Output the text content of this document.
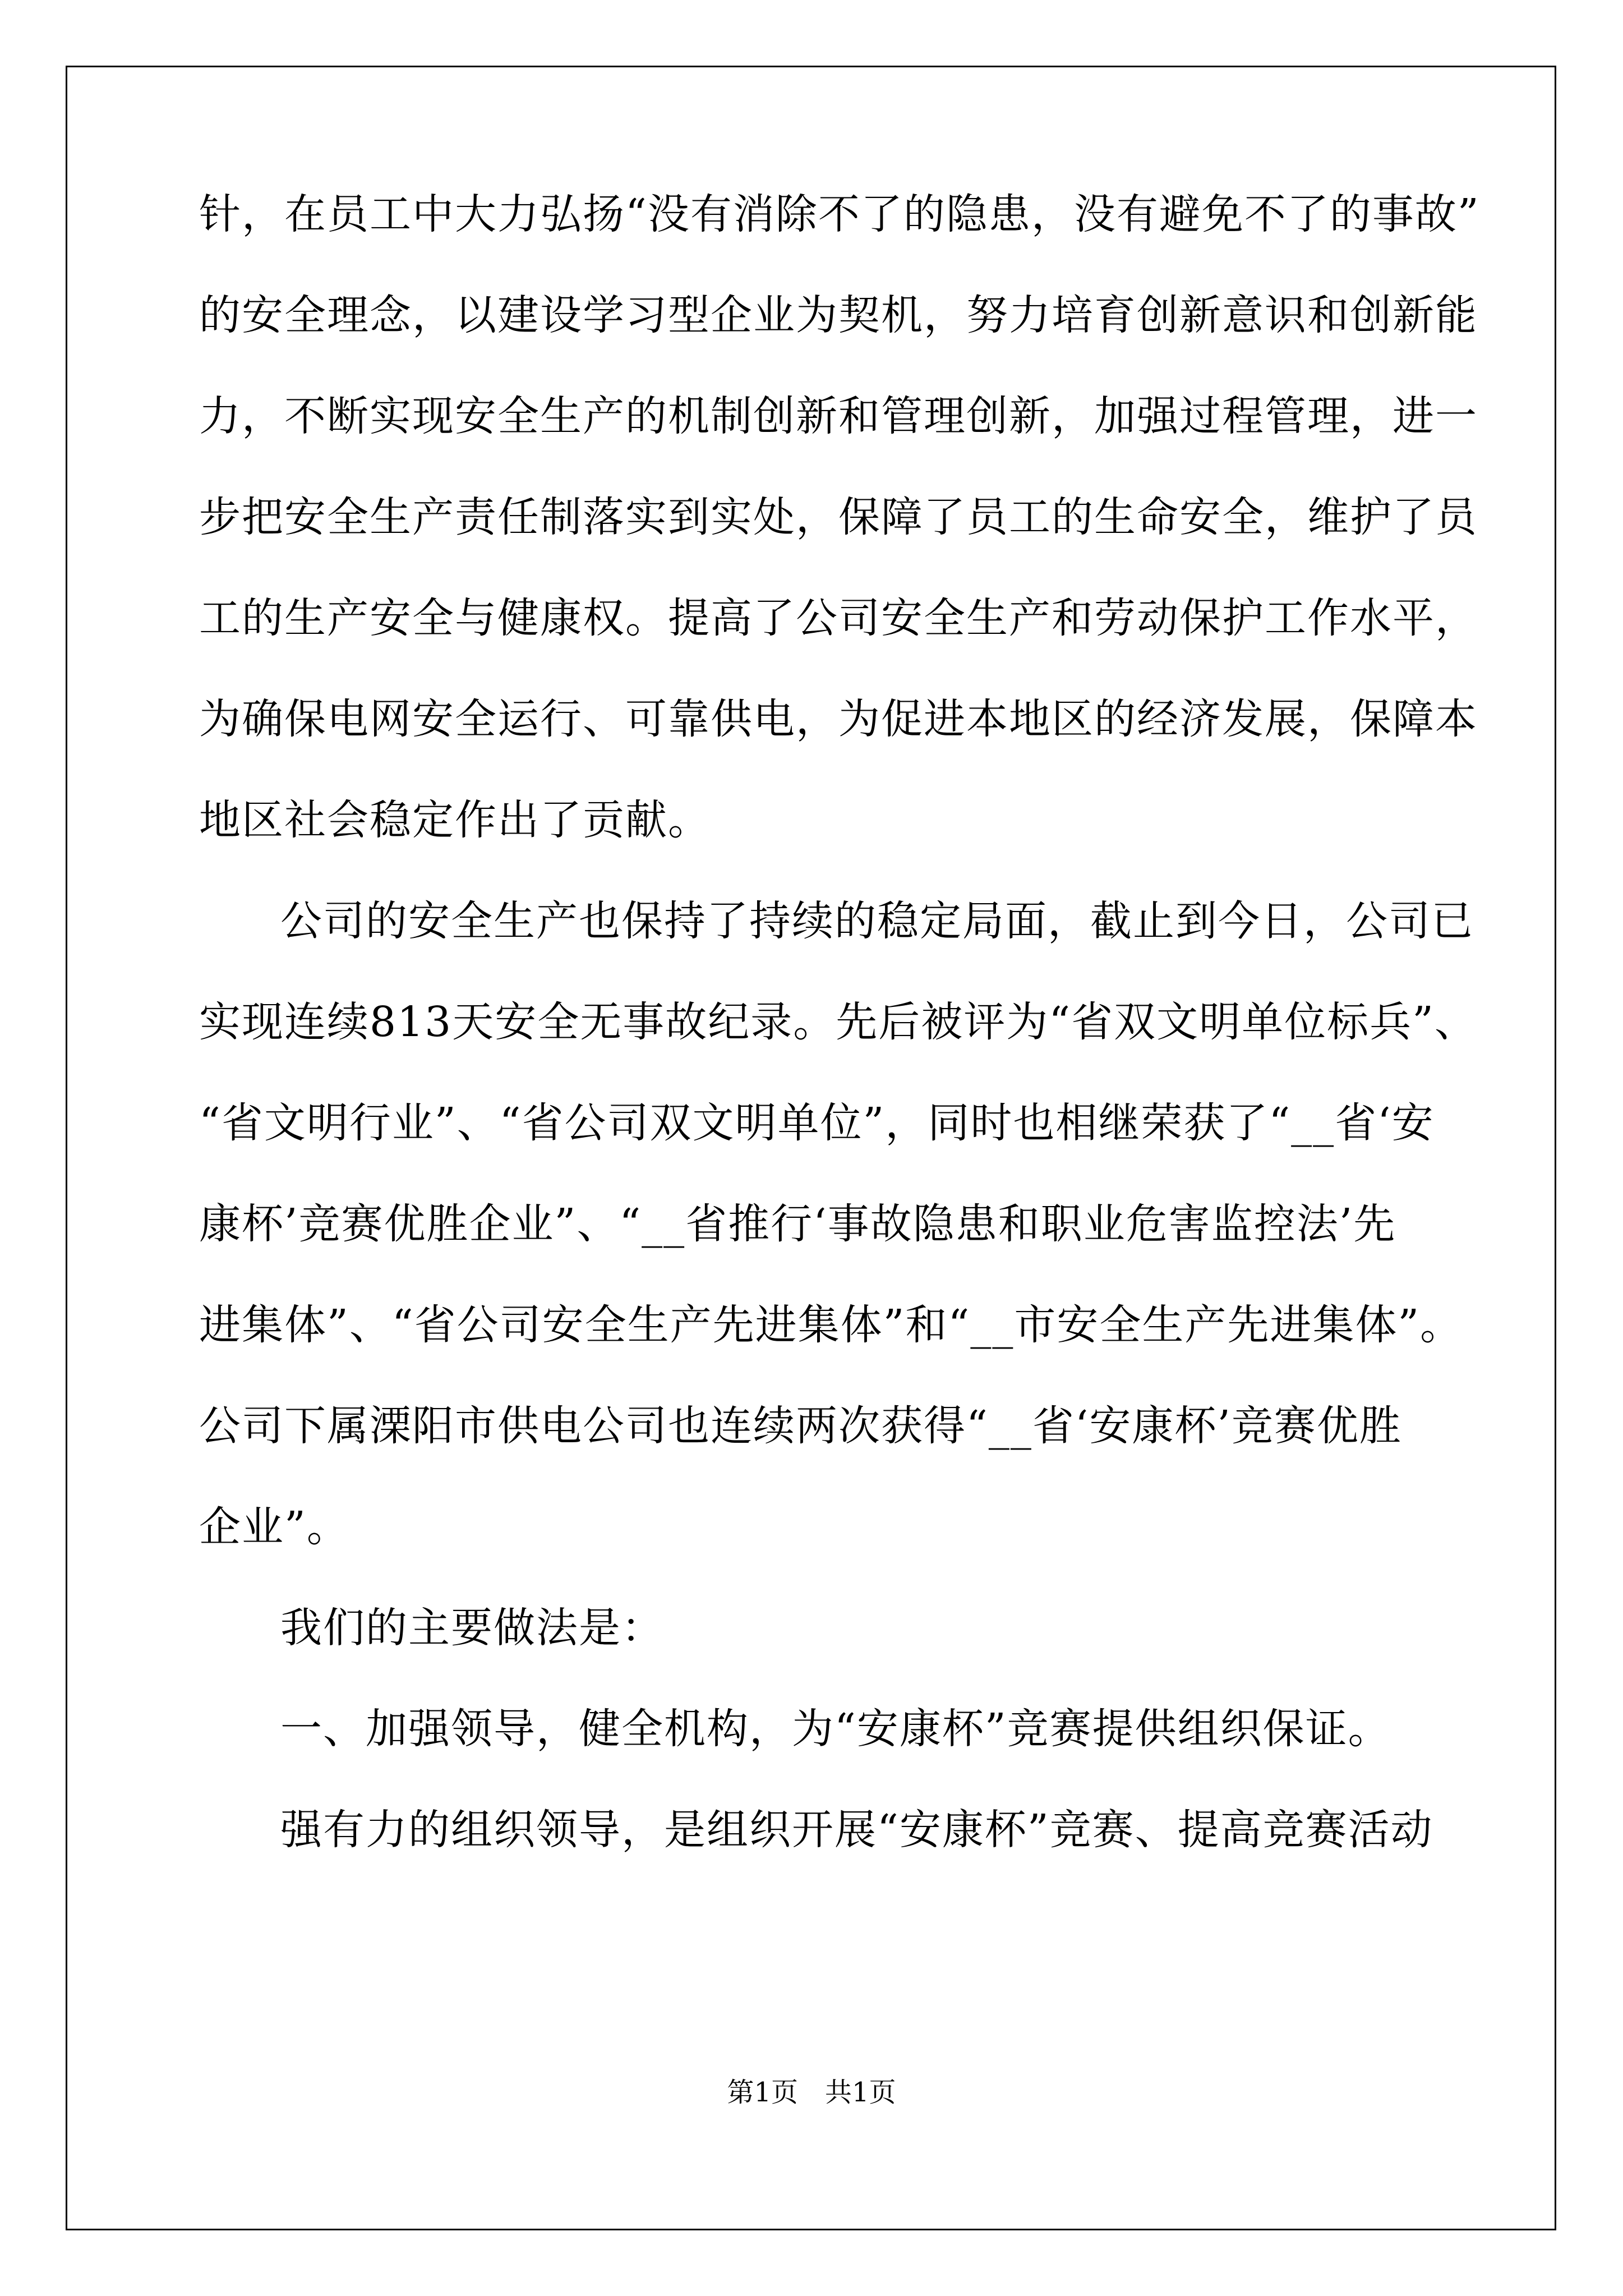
针，在员工中大力弘扬“没有消除不了的隐患，没有避免不了的事故”
的安全理念，以建设学习型企业为契机，努力培育创新意识和创新能
力，不断实现安全生产的机制创新和管理创新，加强过程管理，进一
步把安全生产责任制落实到实处，保障了员工的生命安全，维护了员
工的生产安全与健康权。提高了公司安全生产和劳动保护工作水平，
为确保电网安全运行、可靠供电，为促进本地区的经济发展，保障本
地区社会稳定作出了贡献。
公司的安全生产也保持了持续的稳定局面，截止到今日，公司已
实现连续813天安全无事故纪录。先后被评为“省双文明单位标兵”、
“省文明行业”、“省公司双文明单位”，同时也相继荣获了“__省‘安
康杯’竞赛优胜企业”、“__省推行‘事故隐患和职业危害监控法’先
进集体”、“省公司安全生产先进集体”和“__市安全生产先进集体”。
公司下属溧阳市供电公司也连续两次获得“__省‘安康杯’竞赛优胜
企业”。
我们的主要做法是：
一、加强领导，健全机构，为“安康杯”竞赛提供组织保证。
强有力的组织领导，是组织开展“安康杯”竞赛、提高竞赛活动
第1页　共1页
